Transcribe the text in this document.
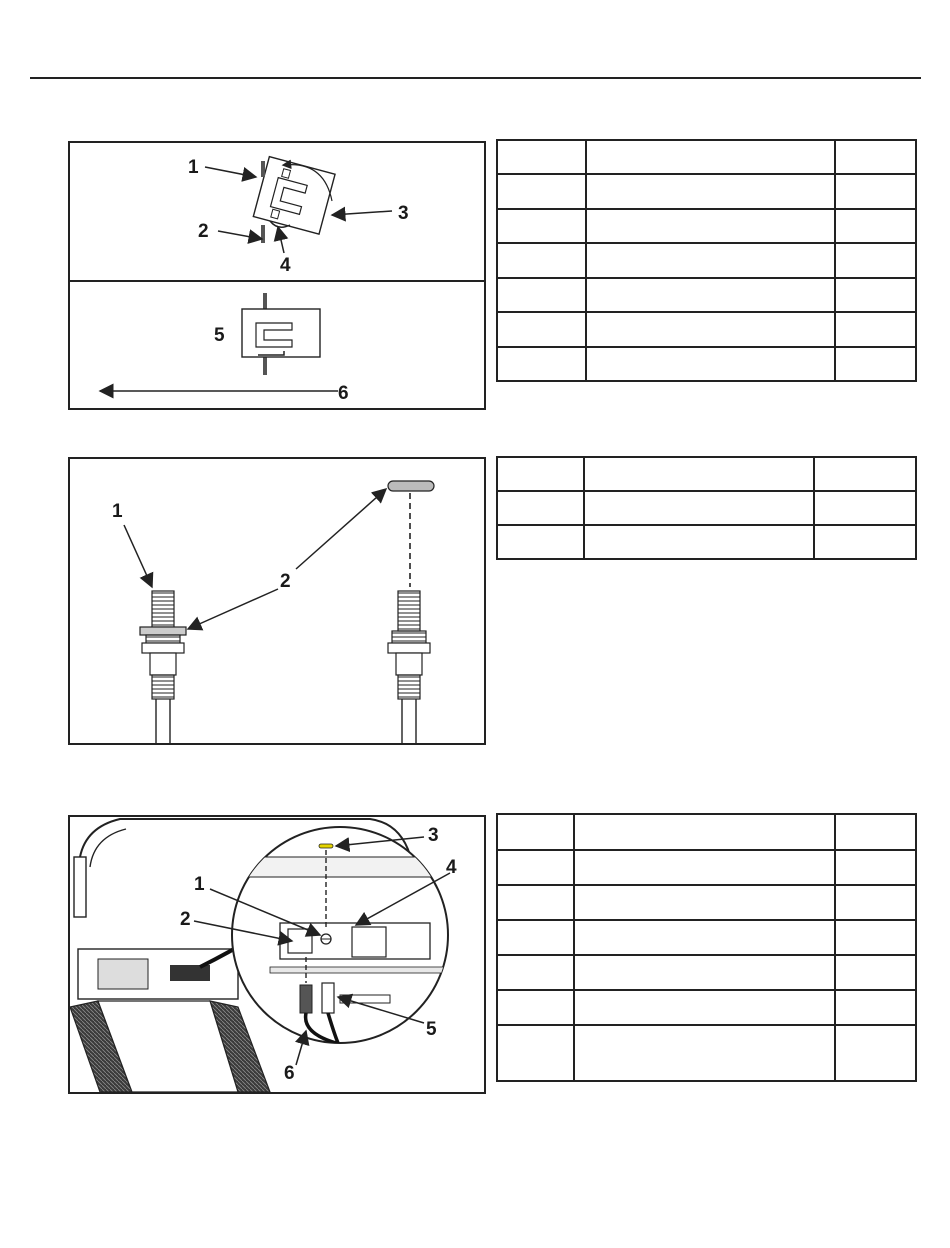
1
2
3
4
5
6

1
2

1
2
3
4
5
6
